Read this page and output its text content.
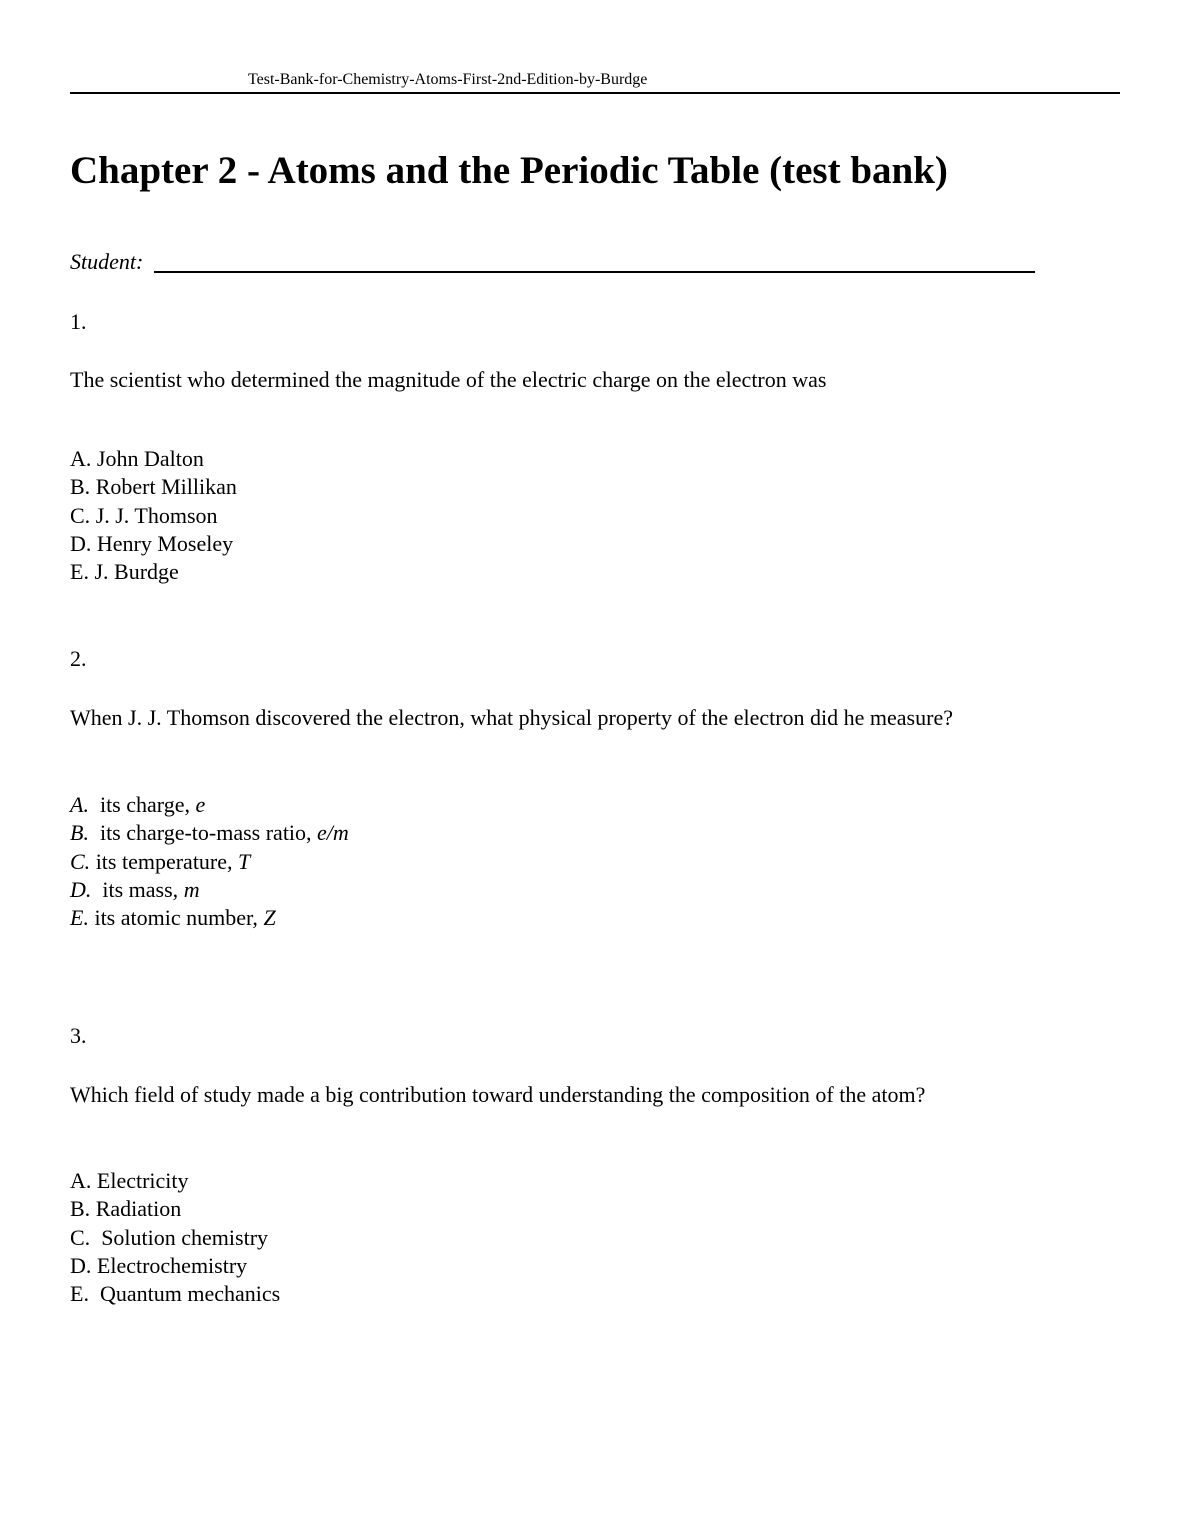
Test-Bank-for-Chemistry-Atoms-First-2nd-Edition-by-Burdge
Chapter 2 - Atoms and the Periodic Table (test bank)
Student:
1.
The scientist who determined the magnitude of the electric charge on the electron was
A. John Dalton
B. Robert Millikan
C. J. J. Thomson
D. Henry Moseley
E. J. Burdge
2.
When J. J. Thomson discovered the electron, what physical property of the electron did he measure?
A.  its charge, e
B.  its charge-to-mass ratio, e/m
C. its temperature, T
D.  its mass, m
E. its atomic number, Z
3.
Which field of study made a big contribution toward understanding the composition of the atom?
A. Electricity
B. Radiation
C.  Solution chemistry
D. Electrochemistry
E.  Quantum mechanics
